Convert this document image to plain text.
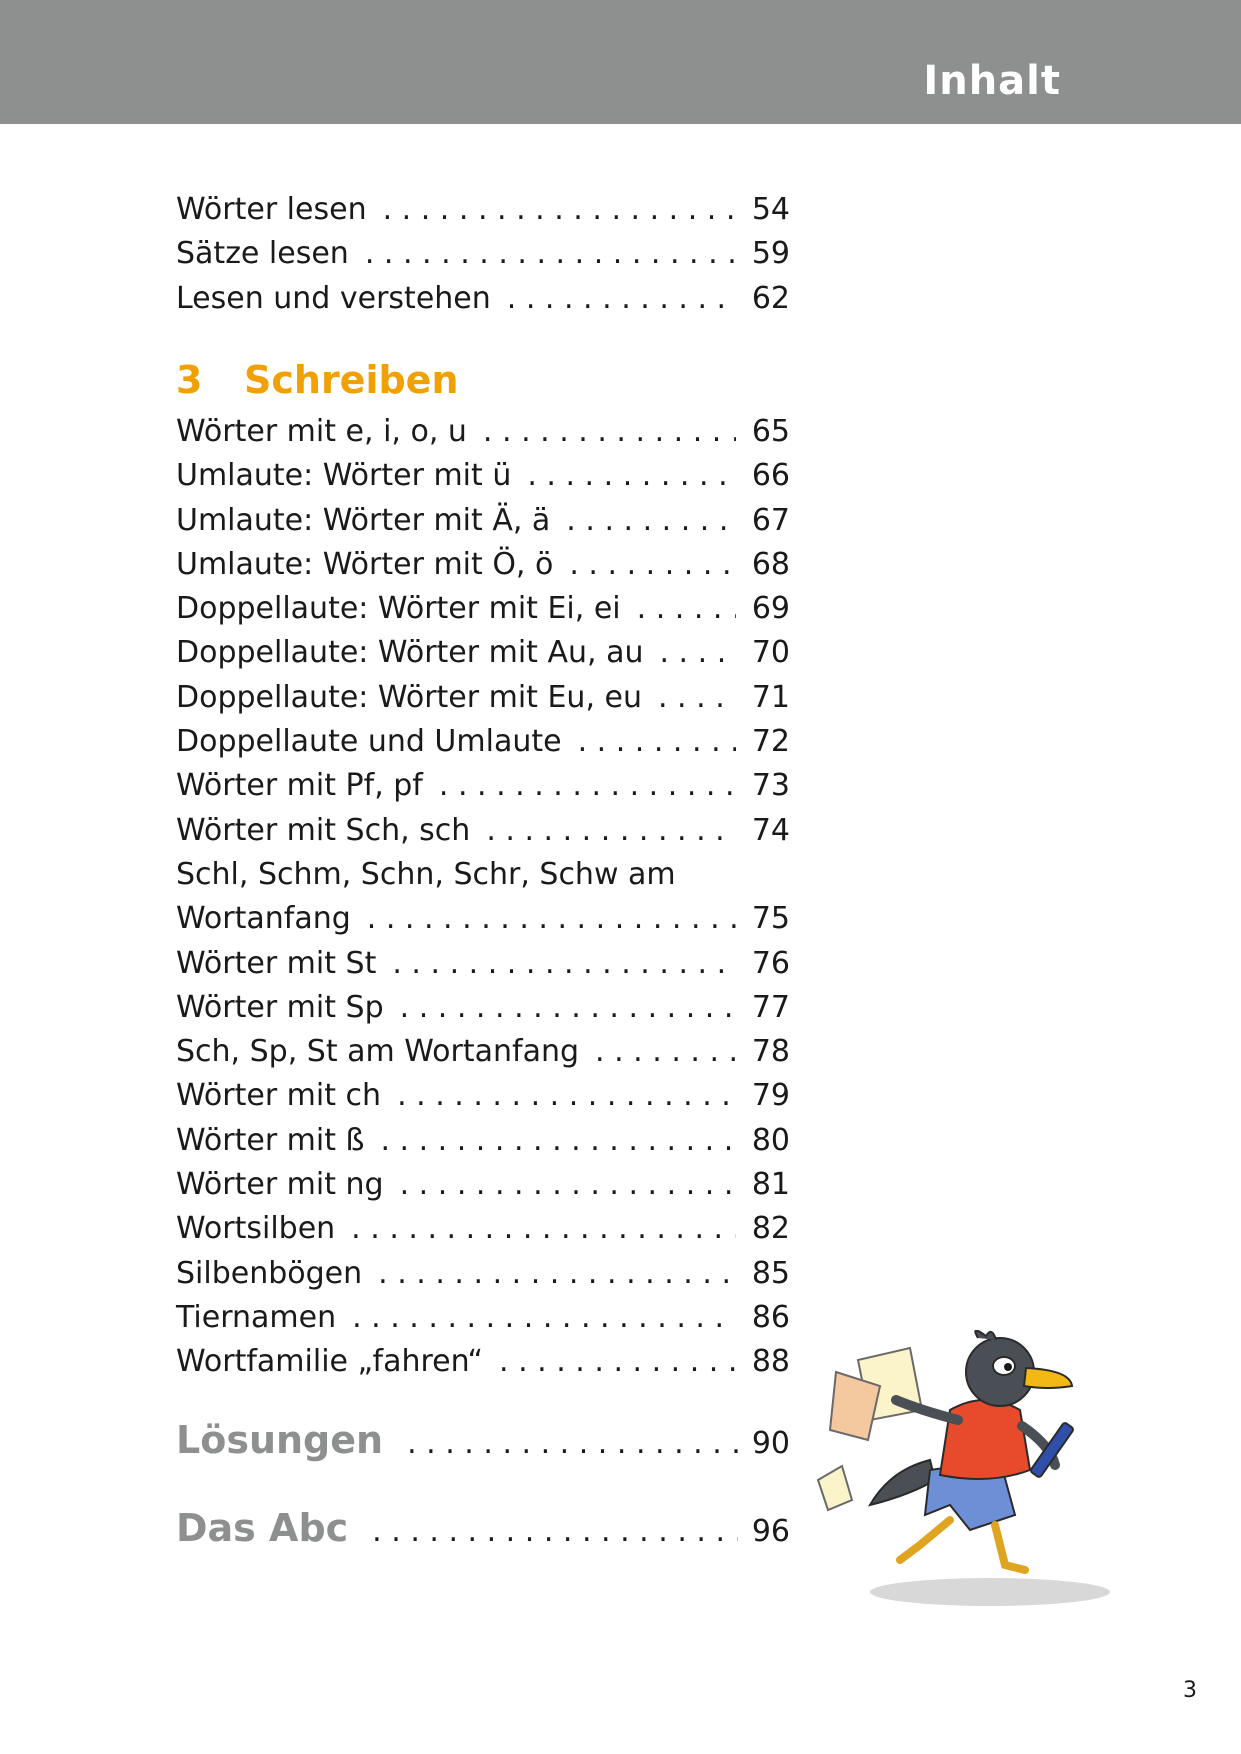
Inhalt
Wörter lesen . . .	54
Sätze lesen . . .	59
Lesen und verstehen . . .	62
3 Schreiben
Wörter mit e, i, o, u . . .	65
Umlaute: Wörter mit ü . . .	66
Umlaute: Wörter mit Ä, ä . . .	67
Umlaute: Wörter mit Ö, ö . . .	68
Doppellaute: Wörter mit Ei, ei . . .	69
Doppellaute: Wörter mit Au, au . . .	70
Doppellaute: Wörter mit Eu, eu . . .	71
Doppellaute und Umlaute . . .	72
Wörter mit Pf, pf . . .	73
Wörter mit Sch, sch . . .	74
Schl, Schm, Schn, Schr, Schw am
Wortanfang . . .	75
Wörter mit St . . .	76
Wörter mit Sp . . .	77
Sch, Sp, St am Wortanfang . . .	78
Wörter mit ch . . .	79
Wörter mit ß . . .	80
Wörter mit ng . . .	81
Wortsilben . . .	82
Silbenbögen . . .	85
Tiernamen . . .	86
Wortfamilie „fahren“ . . .	88
Lösungen . . .	90
Das Abc . . .	96
3
